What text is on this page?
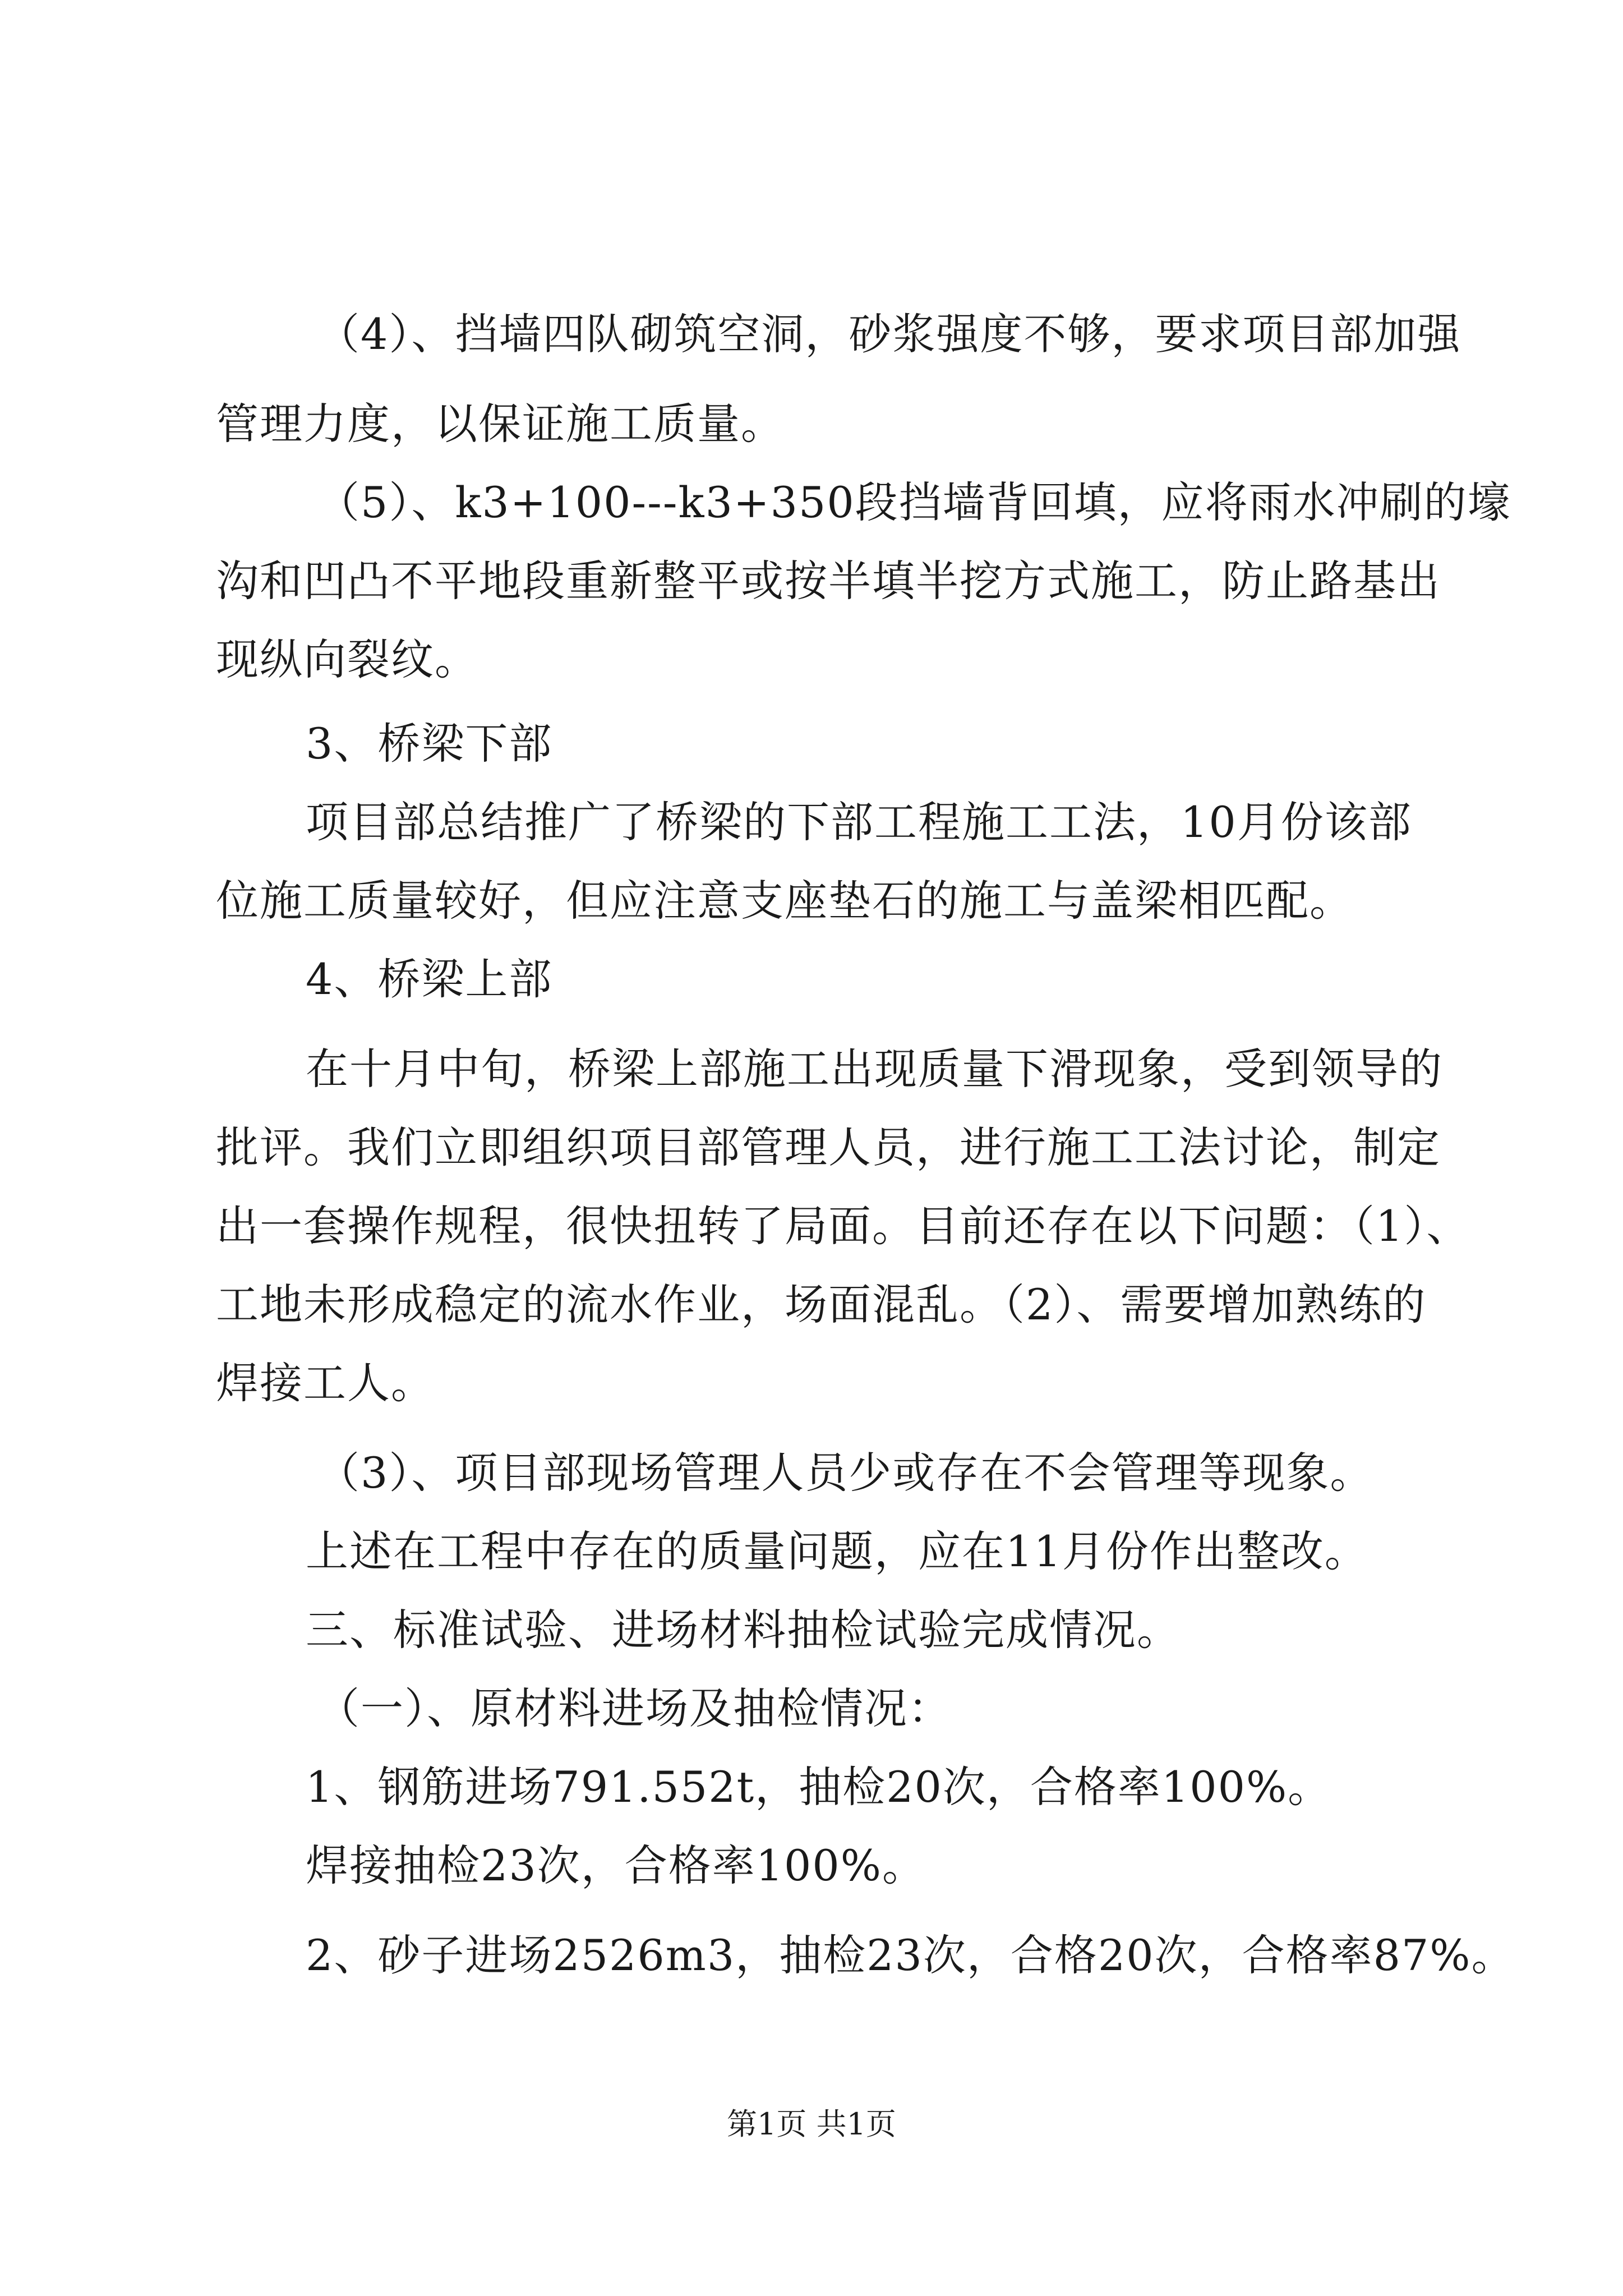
（4）、挡墙四队砌筑空洞，砂浆强度不够，要求项目部加强
管理力度，以保证施工质量。
（5）、k3+100---k3+350段挡墙背回填，应将雨水冲刷的壕
沟和凹凸不平地段重新整平或按半填半挖方式施工，防止路基出
现纵向裂纹。
3、桥梁下部
项目部总结推广了桥梁的下部工程施工工法，10月份该部
位施工质量较好，但应注意支座垫石的施工与盖梁相匹配。
4、桥梁上部
在十月中旬，桥梁上部施工出现质量下滑现象，受到领导的
批评。我们立即组织项目部管理人员，进行施工工法讨论，制定
出一套操作规程，很快扭转了局面。目前还存在以下问题：（1）、
工地未形成稳定的流水作业，场面混乱。（2）、需要增加熟练的
焊接工人。
（3）、项目部现场管理人员少或存在不会管理等现象。
上述在工程中存在的质量问题，应在11月份作出整改。
三、标准试验、进场材料抽检试验完成情况。
（一）、原材料进场及抽检情况：
1、钢筋进场791.552t，抽检20次，合格率100%。
焊接抽检23次，合格率100%。
2、砂子进场2526m3，抽检23次，合格20次，合格率87%。
第1页 共1页
